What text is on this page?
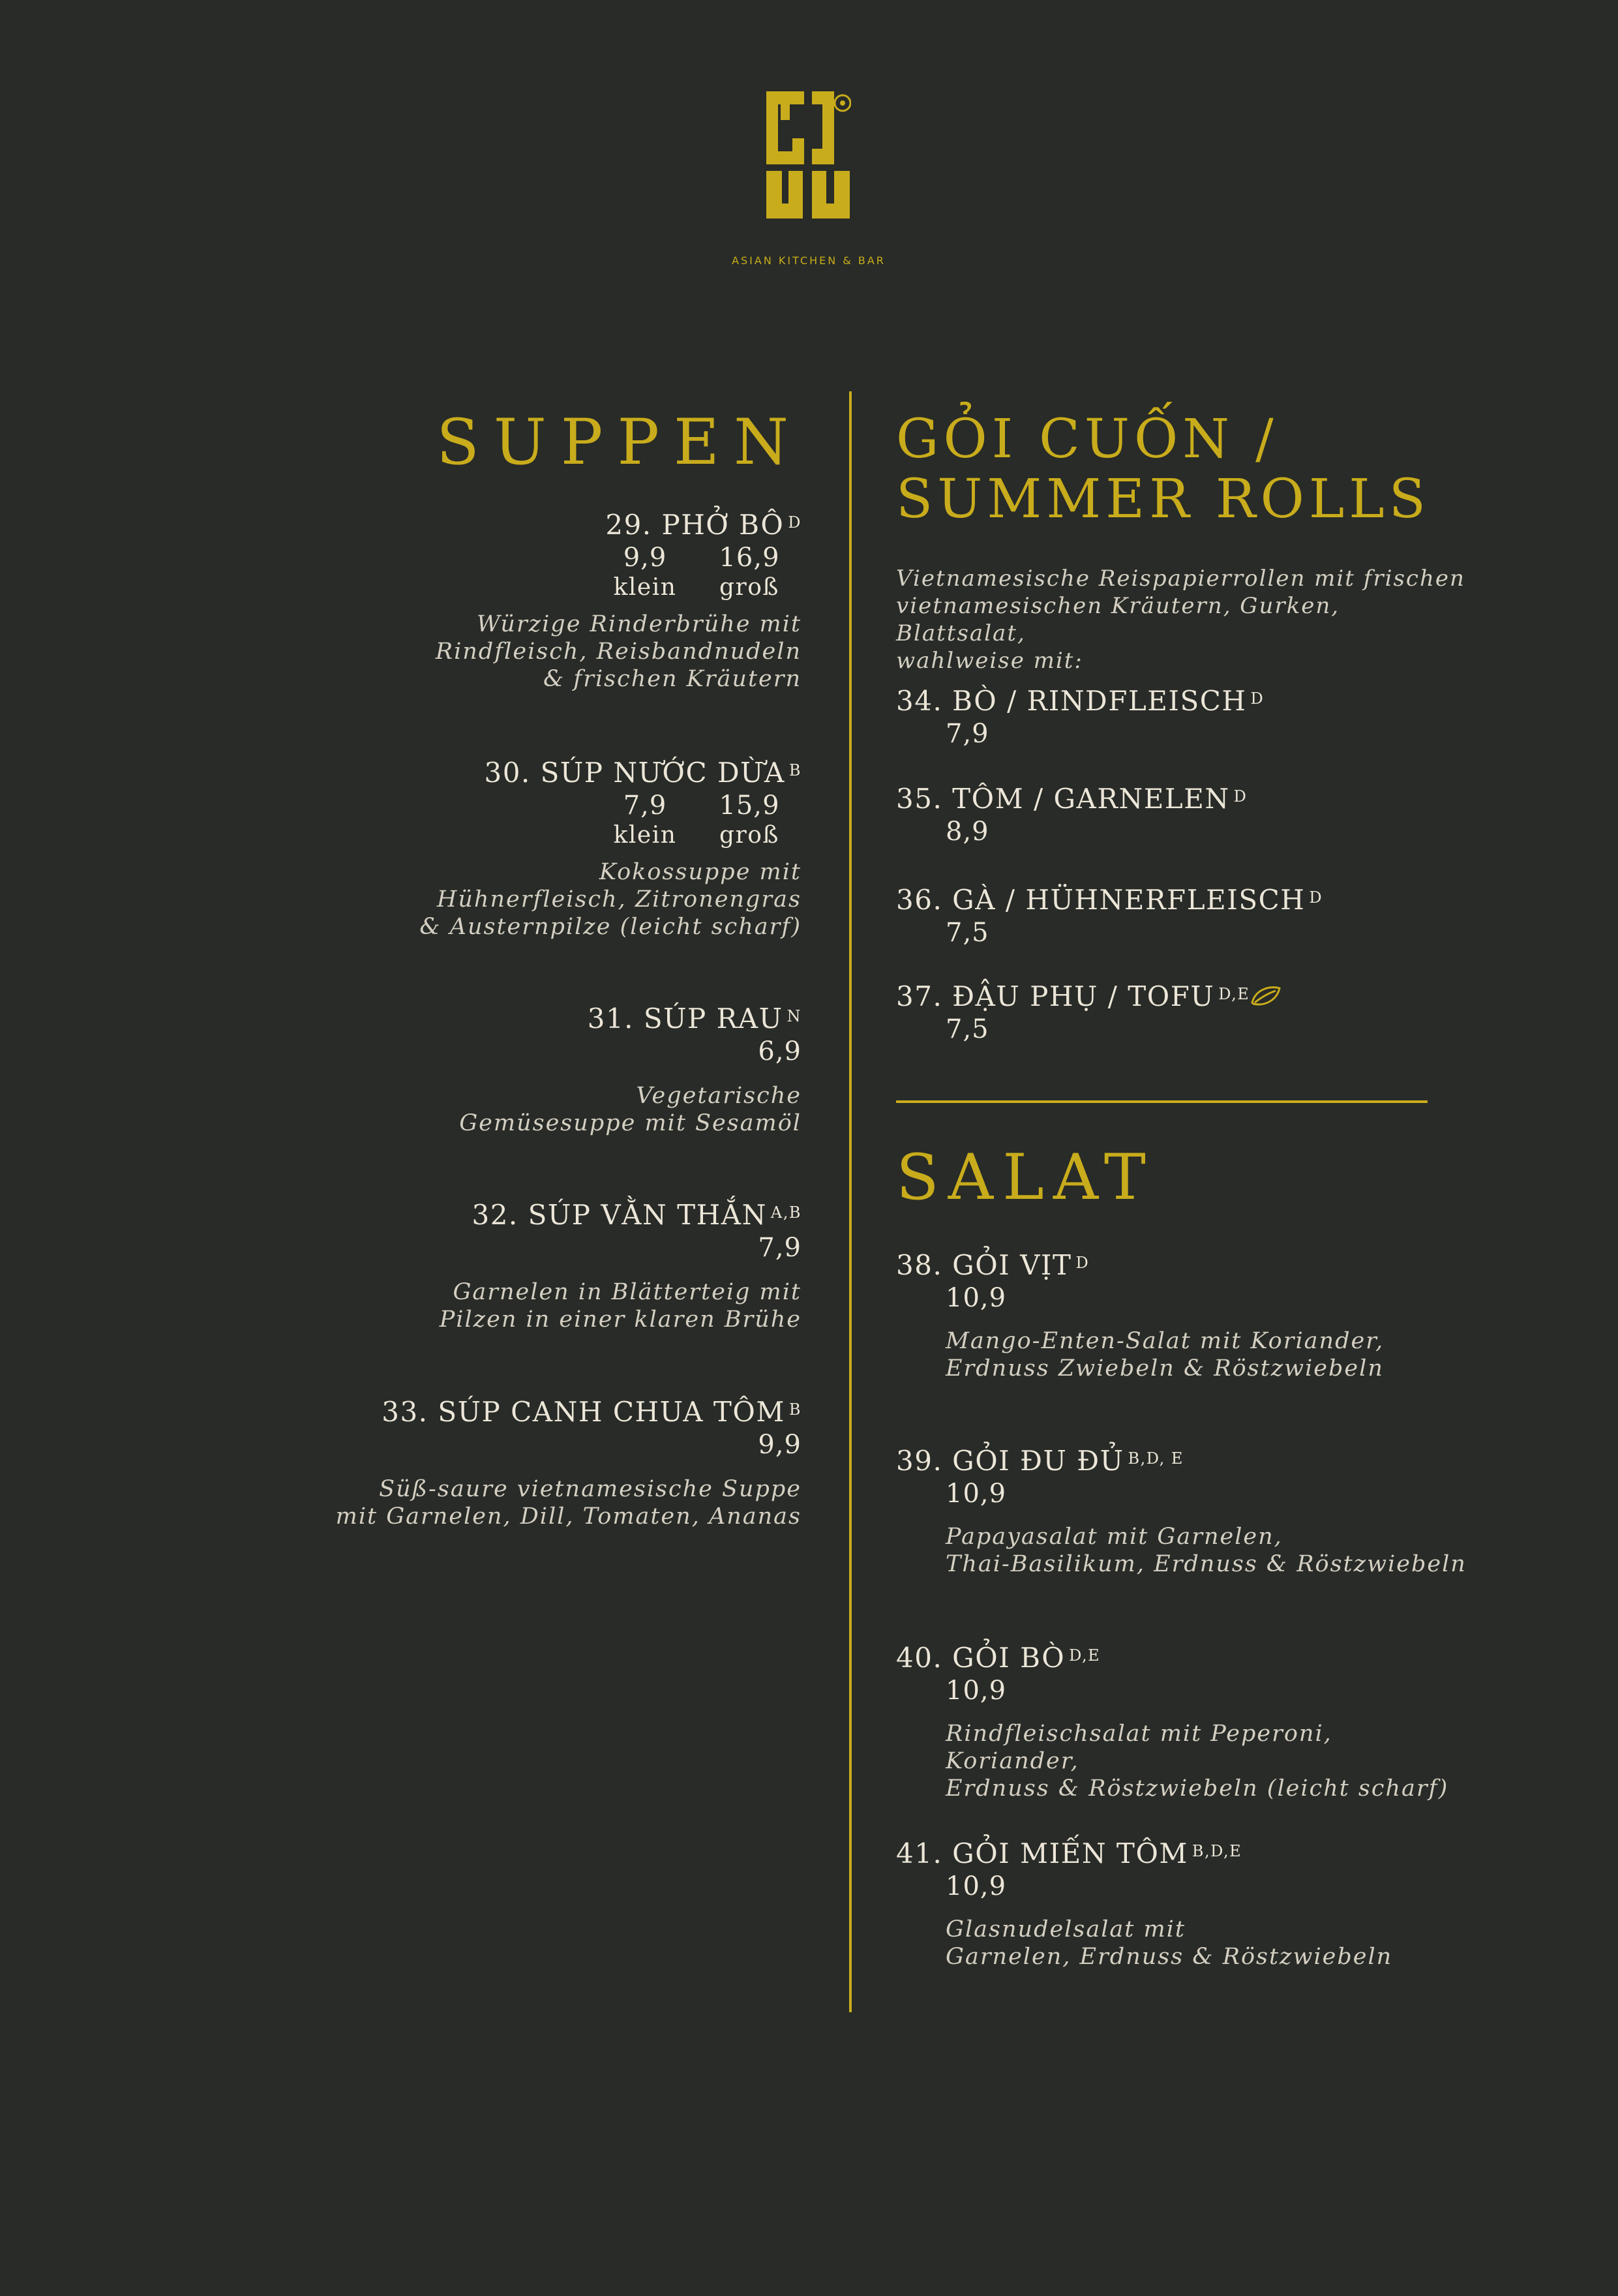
ASIAN KITCHEN & BAR
SUPPEN
29. PHỞ BÔ $^D$
9,9	16,9
klein	groß
Würzige Rinderbrühe mit
Rindfleisch, Reisbandnudeln
& frischen Kräutern
30. SÚP NƯỚC DỪA $^B$
7,9	15,9
klein	groß
Kokossuppe mit
Hühnerfleisch, Zitronengras
& Austernpilze (leicht scharf)
31. SÚP RAU $^N$
6,9
Vegetarische
Gemüsesuppe mit Sesamöl
32. SÚP VẰN THẮN $^{A,B}$
7,9
Garnelen in Blätterteig mit
Pilzen in einer klaren Brühe
33. SÚP CANH CHUA TÔM $^B$
9,9
Süß-saure vietnamesische Suppe
mit Garnelen, Dill, Tomaten, Ananas
GỎI CUỐN /
SUMMER ROLLS
Vietnamesische Reispapierrollen mit frischen
vietnamesischen Kräutern, Gurken, Blattsalat,
wahlweise mit:
34. BÒ / RINDFLEISCH $^D$
7,9
35. TÔM / GARNELEN $^D$
8,9
36. GÀ / HÜHNERFLEISCH $^D$
7,5
37. ĐẬU PHỤ / TOFU $^{D,E}$
7,5
SALAT
38. GỎI VỊT $^D$
10,9
Mango-Enten-Salat mit Koriander,
Erdnuss Zwiebeln & Röstzwiebeln
39. GỎI ĐU ĐỦ $^{B,D, E}$
10,9
Papayasalat mit Garnelen,
Thai-Basilikum, Erdnuss & Röstzwiebeln
40. GỎI BÒ $^{D,E}$
10,9
Rindfleischsalat mit Peperoni, Koriander,
Erdnuss & Röstzwiebeln (leicht scharf)
41. GỎI MIẾN TÔM $^{B,D,E}$
10,9
Glasnudelsalat mit
Garnelen, Erdnuss & Röstzwiebeln
